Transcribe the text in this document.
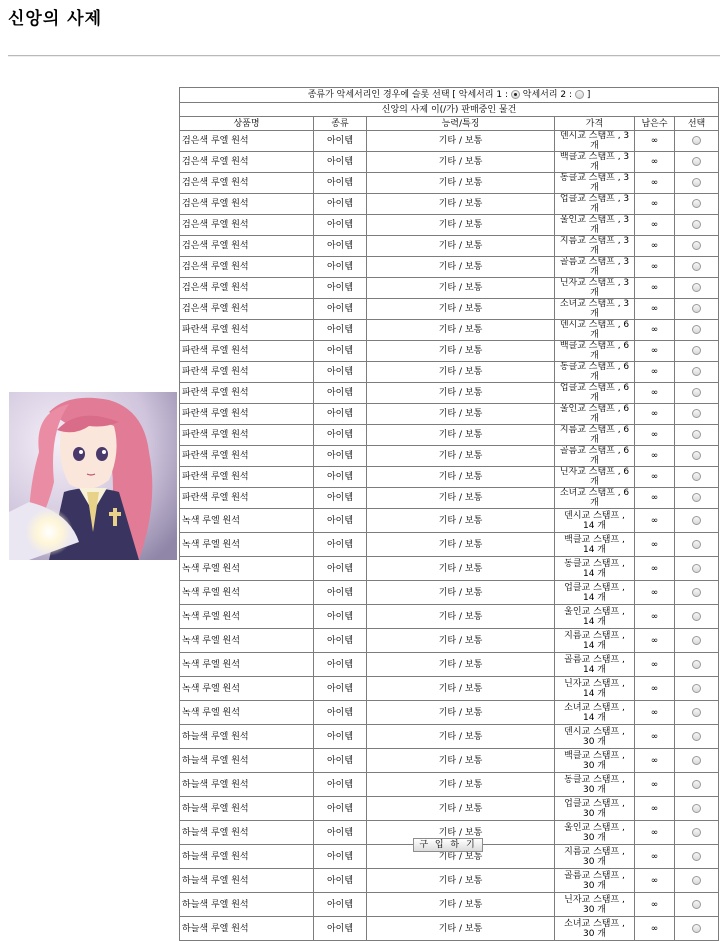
신앙의 사제
종류가 악세서리인 경우에 슬롯 선택 [ 악세서리 1 : 악세서리 2 : ]					
신앙의 사제 이(/가) 판매중인 물건					
상품명	종류	능력/특징	가격	남은수	선택
검은색 루엘 원석	아이템	기타 / 보통	덴시교 스탬프 , 3 개	∞	
검은색 루엘 원석	아이템	기타 / 보통	백클교 스탬프 , 3 개	∞	
검은색 루엘 원석	아이템	기타 / 보통	동클교 스탬프 , 3 개	∞	
검은색 루엘 원석	아이템	기타 / 보통	업클교 스탬프 , 3 개	∞	
검은색 루엘 원석	아이템	기타 / 보통	울인교 스탬프 , 3 개	∞	
검은색 루엘 원석	아이템	기타 / 보통	지름교 스탬프 , 3 개	∞	
검은색 루엘 원석	아이템	기타 / 보통	골름교 스탬프 , 3 개	∞	
검은색 루엘 원석	아이템	기타 / 보통	닌자교 스탬프 , 3 개	∞	
검은색 루엘 원석	아이템	기타 / 보통	소녀교 스탬프 , 3 개	∞	
파란색 루엘 원석	아이템	기타 / 보통	덴시교 스탬프 , 6 개	∞	
파란색 루엘 원석	아이템	기타 / 보통	백클교 스탬프 , 6 개	∞	
파란색 루엘 원석	아이템	기타 / 보통	동클교 스탬프 , 6 개	∞	
파란색 루엘 원석	아이템	기타 / 보통	업클교 스탬프 , 6 개	∞	
파란색 루엘 원석	아이템	기타 / 보통	울인교 스탬프 , 6 개	∞	
파란색 루엘 원석	아이템	기타 / 보통	지름교 스탬프 , 6 개	∞	
파란색 루엘 원석	아이템	기타 / 보통	골름교 스탬프 , 6 개	∞	
파란색 루엘 원석	아이템	기타 / 보통	닌자교 스탬프 , 6 개	∞	
파란색 루엘 원석	아이템	기타 / 보통	소녀교 스탬프 , 6 개	∞	
녹색 루엘 원석	아이템	기타 / 보통	덴시교 스탬프 , 14 개	∞	
녹색 루엘 원석	아이템	기타 / 보통	백클교 스탬프 , 14 개	∞	
녹색 루엘 원석	아이템	기타 / 보통	동클교 스탬프 , 14 개	∞	
녹색 루엘 원석	아이템	기타 / 보통	업클교 스탬프 , 14 개	∞	
녹색 루엘 원석	아이템	기타 / 보통	울인교 스탬프 , 14 개	∞	
녹색 루엘 원석	아이템	기타 / 보통	지름교 스탬프 , 14 개	∞	
녹색 루엘 원석	아이템	기타 / 보통	골름교 스탬프 , 14 개	∞	
녹색 루엘 원석	아이템	기타 / 보통	닌자교 스탬프 , 14 개	∞	
녹색 루엘 원석	아이템	기타 / 보통	소녀교 스탬프 , 14 개	∞	
하늘색 루엘 원석	아이템	기타 / 보통	덴시교 스탬프 , 30 개	∞	
하늘색 루엘 원석	아이템	기타 / 보통	백클교 스탬프 , 30 개	∞	
하늘색 루엘 원석	아이템	기타 / 보통	동클교 스탬프 , 30 개	∞	
하늘색 루엘 원석	아이템	기타 / 보통	업클교 스탬프 , 30 개	∞	
하늘색 루엘 원석	아이템	기타 / 보통	울인교 스탬프 , 30 개	∞	
하늘색 루엘 원석	아이템	기타 / 보통	지름교 스탬프 , 30 개	∞	
하늘색 루엘 원석	아이템	기타 / 보통	골름교 스탬프 , 30 개	∞	
하늘색 루엘 원석	아이템	기타 / 보통	닌자교 스탬프 , 30 개	∞	
하늘색 루엘 원석	아이템	기타 / 보통	소녀교 스탬프 , 30 개	∞	
구 입 하 기
